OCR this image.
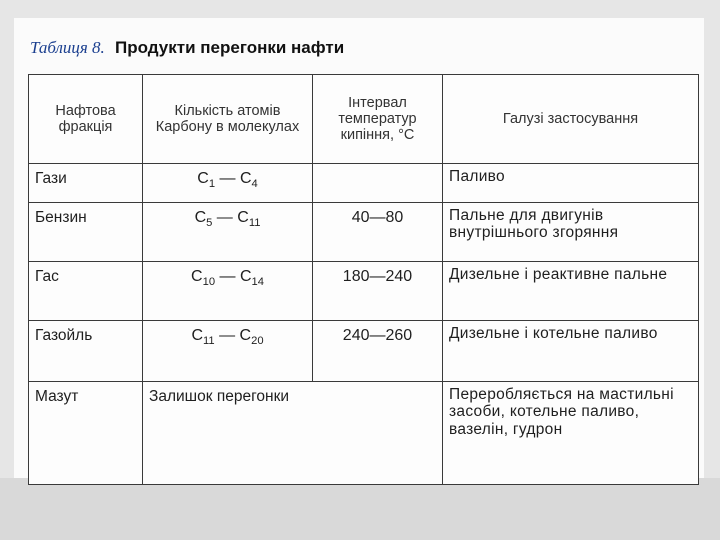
Таблиця 8. Продукти перегонки нафти
Нафтова фракція	Кількість атомів Карбону в молекулах	Інтервал температур кипіння, °С	Галузі застосування
Гази	$C_1$ — $C_4$		Паливо
Бензин	$C_5$ — $C_{11}$	40—80	Пальне для двигунів внутрішнього згоряння
Гас	$C_{10}$ — $C_{14}$	180—240	Дизельне і реактивне пальне
Газойль	$C_{11}$ — $C_{20}$	240—260	Дизельне і котельне паливо
Мазут	Залишок перегонки		Переробляється на мастильні засоби, котельне паливо, вазелін, гудрон
